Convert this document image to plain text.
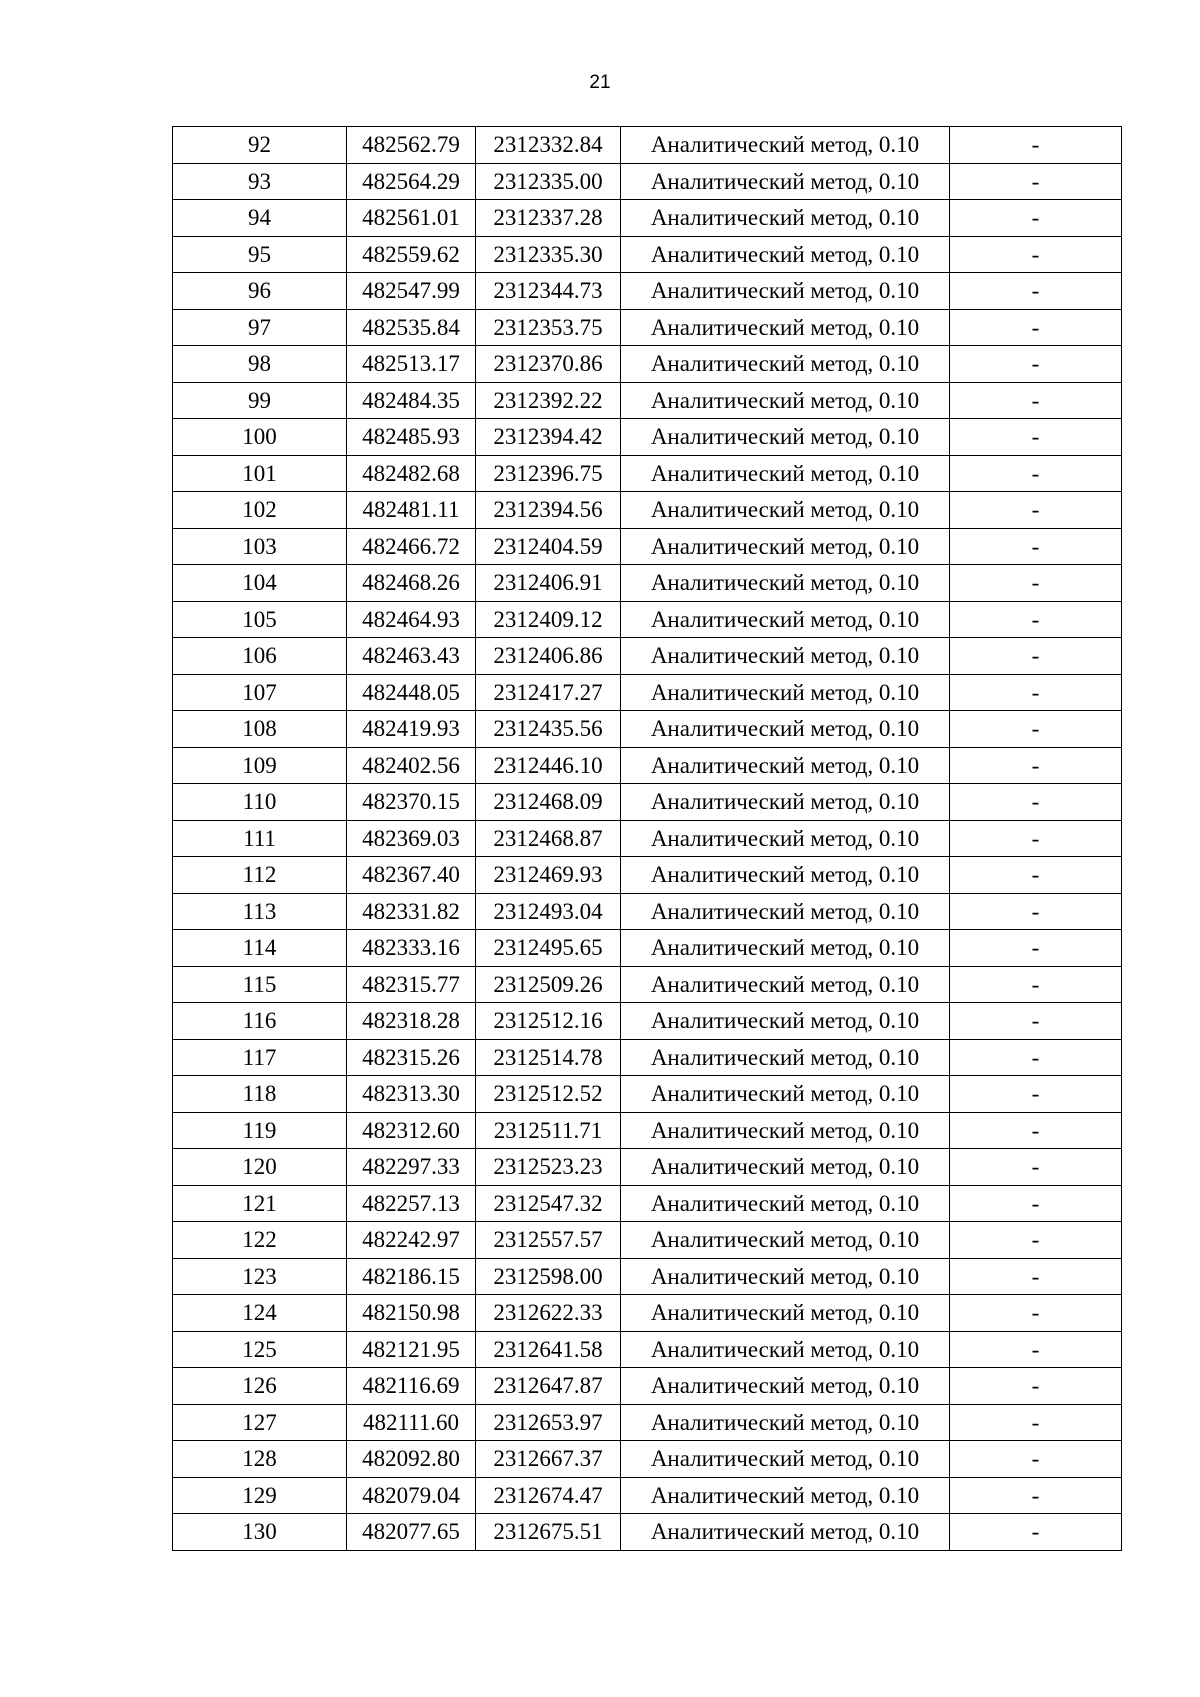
21
92	482562.79	2312332.84	Аналитический метод, 0.10	-
93	482564.29	2312335.00	Аналитический метод, 0.10	-
94	482561.01	2312337.28	Аналитический метод, 0.10	-
95	482559.62	2312335.30	Аналитический метод, 0.10	-
96	482547.99	2312344.73	Аналитический метод, 0.10	-
97	482535.84	2312353.75	Аналитический метод, 0.10	-
98	482513.17	2312370.86	Аналитический метод, 0.10	-
99	482484.35	2312392.22	Аналитический метод, 0.10	-
100	482485.93	2312394.42	Аналитический метод, 0.10	-
101	482482.68	2312396.75	Аналитический метод, 0.10	-
102	482481.11	2312394.56	Аналитический метод, 0.10	-
103	482466.72	2312404.59	Аналитический метод, 0.10	-
104	482468.26	2312406.91	Аналитический метод, 0.10	-
105	482464.93	2312409.12	Аналитический метод, 0.10	-
106	482463.43	2312406.86	Аналитический метод, 0.10	-
107	482448.05	2312417.27	Аналитический метод, 0.10	-
108	482419.93	2312435.56	Аналитический метод, 0.10	-
109	482402.56	2312446.10	Аналитический метод, 0.10	-
110	482370.15	2312468.09	Аналитический метод, 0.10	-
111	482369.03	2312468.87	Аналитический метод, 0.10	-
112	482367.40	2312469.93	Аналитический метод, 0.10	-
113	482331.82	2312493.04	Аналитический метод, 0.10	-
114	482333.16	2312495.65	Аналитический метод, 0.10	-
115	482315.77	2312509.26	Аналитический метод, 0.10	-
116	482318.28	2312512.16	Аналитический метод, 0.10	-
117	482315.26	2312514.78	Аналитический метод, 0.10	-
118	482313.30	2312512.52	Аналитический метод, 0.10	-
119	482312.60	2312511.71	Аналитический метод, 0.10	-
120	482297.33	2312523.23	Аналитический метод, 0.10	-
121	482257.13	2312547.32	Аналитический метод, 0.10	-
122	482242.97	2312557.57	Аналитический метод, 0.10	-
123	482186.15	2312598.00	Аналитический метод, 0.10	-
124	482150.98	2312622.33	Аналитический метод, 0.10	-
125	482121.95	2312641.58	Аналитический метод, 0.10	-
126	482116.69	2312647.87	Аналитический метод, 0.10	-
127	482111.60	2312653.97	Аналитический метод, 0.10	-
128	482092.80	2312667.37	Аналитический метод, 0.10	-
129	482079.04	2312674.47	Аналитический метод, 0.10	-
130	482077.65	2312675.51	Аналитический метод, 0.10	-
